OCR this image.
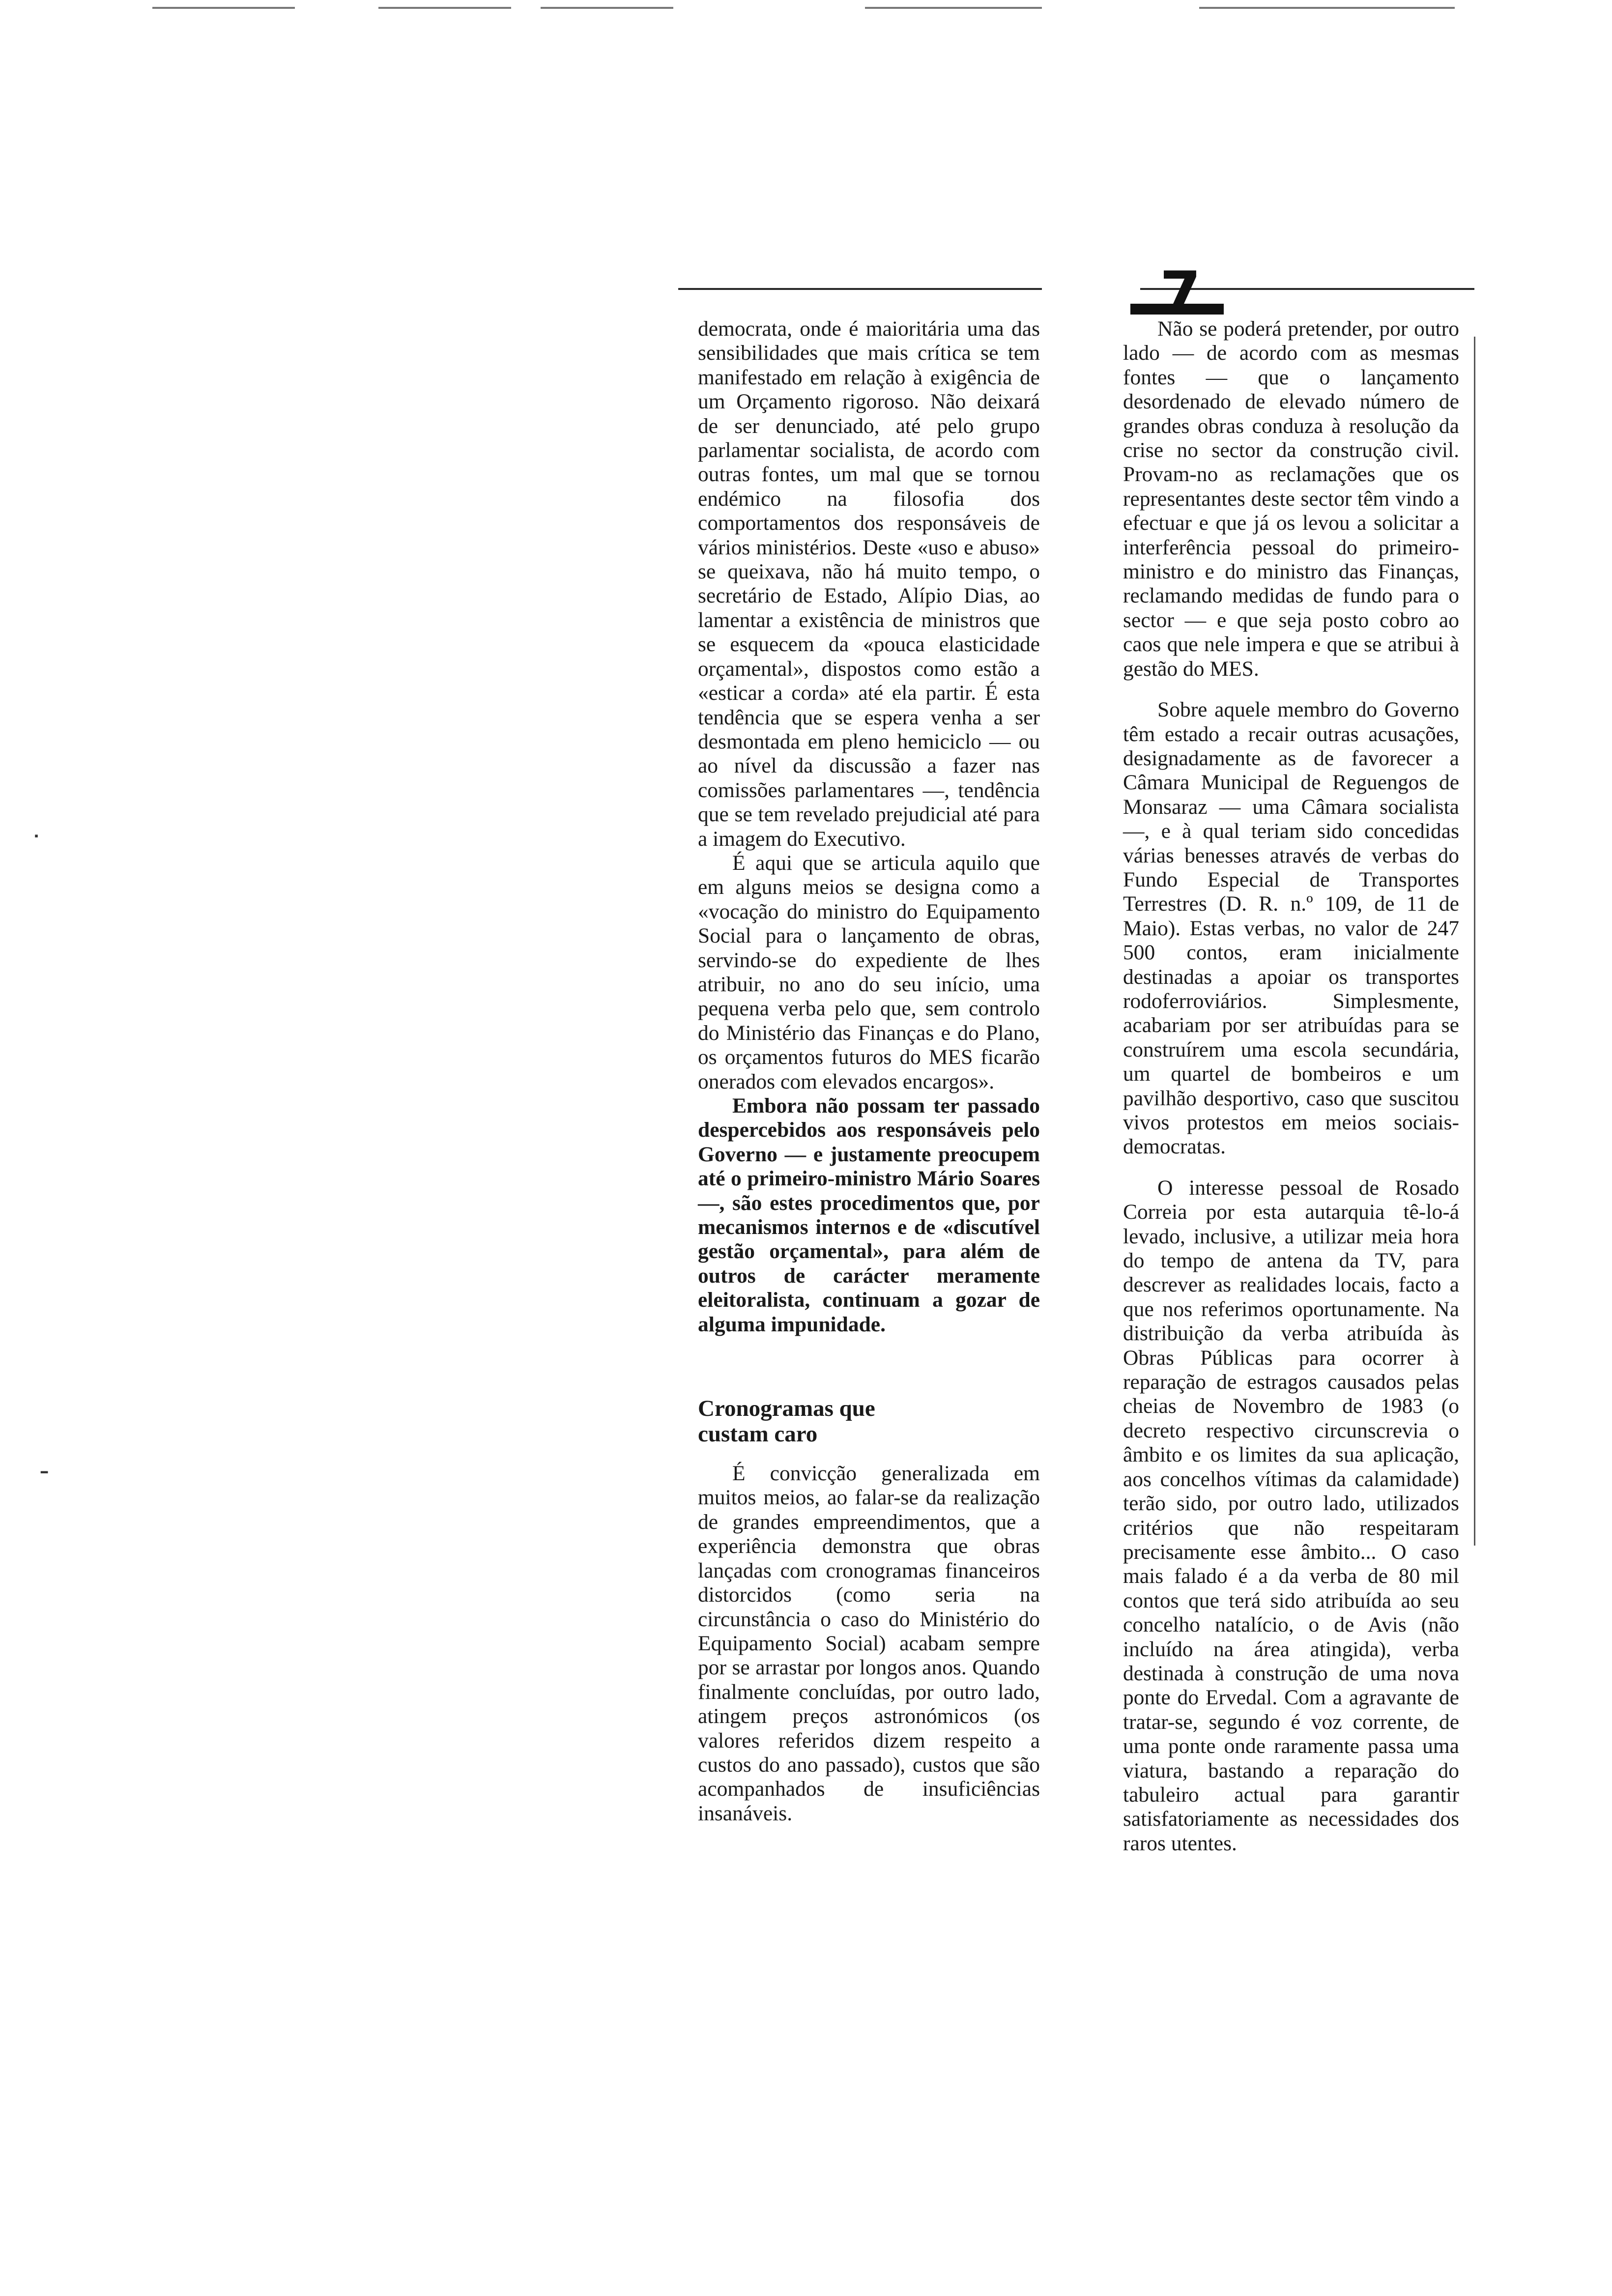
7
˙
-

democrata, onde é maioritária uma das sensibilidades que mais crítica se tem manifestado em relação à exigência de um Orçamento rigoroso. Não deixará de ser denunciado, até pelo grupo parlamentar socialista, de acordo com outras fontes, um mal que se tornou endémico na filosofia dos comportamentos dos responsáveis de vários ministérios. Deste «uso e abuso» se queixava, não há muito tempo, o secretário de Estado, Alípio Dias, ao lamentar a existência de ministros que se esquecem da «pouca elasticidade orçamental», dispostos como estão a «esticar a corda» até ela partir. É esta tendência que se espera venha a ser desmontada em pleno hemiciclo — ou ao nível da discussão a fazer nas comissões parlamentares —, tendência que se tem revelado prejudicial até para a imagem do Executivo.

É aqui que se articula aquilo que em alguns meios se designa como a «vocação do ministro do Equipamento Social para o lançamento de obras, servindo-se do expediente de lhes atribuir, no ano do seu início, uma pequena verba pelo que, sem controlo do Ministério das Finanças e do Plano, os orçamentos futuros do MES ficarão onerados com elevados encargos».

Embora não possam ter passado despercebidos aos responsáveis pelo Governo — e justamente preocupem até o primeiro-ministro Mário Soares —, são estes procedimentos que, por mecanismos internos e de «discutível gestão orçamental», para além de outros de carácter meramente eleitoralista, continuam a gozar de alguma impunidade.

Cronogramas que custam caro

É convicção generalizada em muitos meios, ao falar-se da realização de grandes empreendimentos, que a experiência demonstra que obras lançadas com cronogramas financeiros distorcidos (como seria na circunstância o caso do Ministério do Equipamento Social) acabam sempre por se arrastar por longos anos. Quando finalmente concluídas, por outro lado, atingem preços astronómicos (os valores referidos dizem respeito a custos do ano passado), custos que são acompanhados de insuficiências insanáveis.

Não se poderá pretender, por outro lado — de acordo com as mesmas fontes — que o lançamento desordenado de elevado número de grandes obras conduza à resolução da crise no sector da construção civil. Provam-no as reclamações que os representantes deste sector têm vindo a efectuar e que já os levou a solicitar a interferência pessoal do primeiro-ministro e do ministro das Finanças, reclamando medidas de fundo para o sector — e que seja posto cobro ao caos que nele impera e que se atribui à gestão do MES.

Sobre aquele membro do Governo têm estado a recair outras acusações, designadamente as de favorecer a Câmara Municipal de Reguengos de Monsaraz — uma Câmara socialista —, e à qual teriam sido concedidas várias benesses através de verbas do Fundo Especial de Transportes Terrestres (D. R. n.º 109, de 11 de Maio). Estas verbas, no valor de 247 500 contos, eram inicialmente destinadas a apoiar os transportes rodoferroviários. Simplesmente, acabariam por ser atribuídas para se construírem uma escola secundária, um quartel de bombeiros e um pavilhão desportivo, caso que suscitou vivos protestos em meios sociais-democratas.

O interesse pessoal de Rosado Correia por esta autarquia tê-lo-á levado, inclusive, a utilizar meia hora do tempo de antena da TV, para descrever as realidades locais, facto a que nos referimos oportunamente. Na distribuição da verba atribuída às Obras Públicas para ocorrer à reparação de estragos causados pelas cheias de Novembro de 1983 (o decreto respectivo circunscrevia o âmbito e os limites da sua aplicação, aos concelhos vítimas da calamidade) terão sido, por outro lado, utilizados critérios que não respeitaram precisamente esse âmbito... O caso mais falado é a da verba de 80 mil contos que terá sido atribuída ao seu concelho natalício, o de Avis (não incluído na área atingida), verba destinada à construção de uma nova ponte do Ervedal. Com a agravante de tratar-se, segundo é voz corrente, de uma ponte onde raramente passa uma viatura, bastando a reparação do tabuleiro actual para garantir satisfatoriamente as necessidades dos raros utentes.
